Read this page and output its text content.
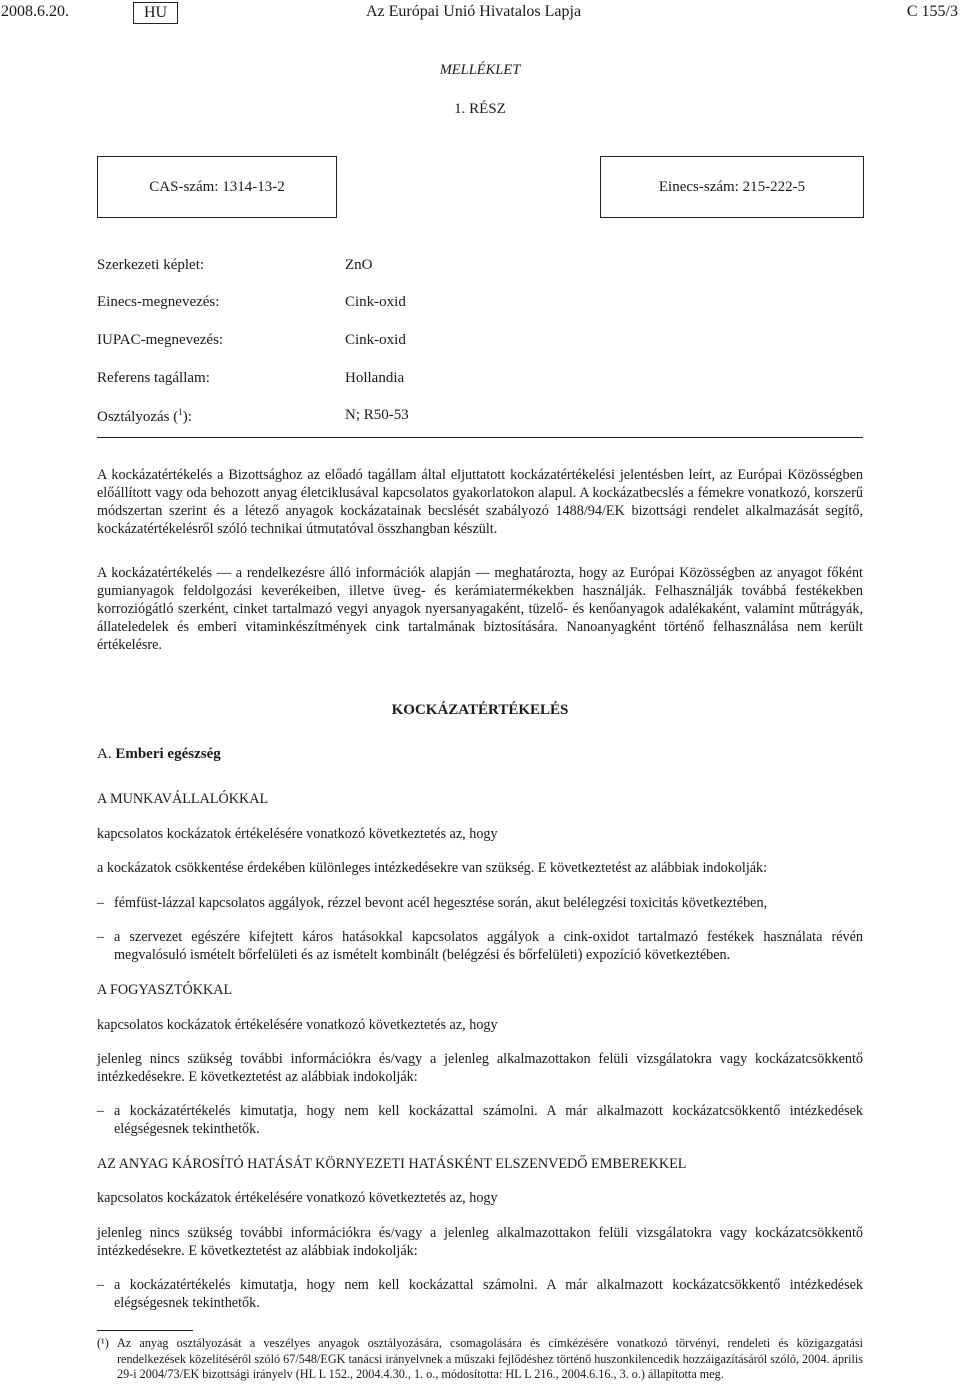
2008.6.20.	HU	Az Európai Unió Hivatalos Lapja	C 155/3
MELLÉKLET
1. RÉSZ
CAS-szám: 1314-13-2	Einecs-szám: 215-222-5
Szerkezeti képlet:	ZnO
Einecs-megnevezés:	Cink-oxid
IUPAC-megnevezés:	Cink-oxid
Referens tagállam:	Hollandia
Osztályozás ($^1$):	N; R50-53
A kockázatértékelés a Bizottsághoz az előadó tagállam által eljuttatott kockázatértékelési jelentésben leírt, az Európai Közösségben előállított vagy oda behozott anyag életciklusával kapcsolatos gyakorlatokon alapul. A kockázatbecslés a fémekre vonatkozó, korszerű módszertan szerint és a létező anyagok kockázatainak becslését szabályozó 1488/94/EK bizottsági rendelet alkalmazását segítő, kockázatértékelésről szóló technikai útmutatóval összhangban készült.
A kockázatértékelés — a rendelkezésre álló információk alapján — meghatározta, hogy az Európai Közösségben az anyagot főként gumianyagok feldolgozási keverékeiben, illetve üveg- és kerámiatermékekben használják. Felhasználják továbbá festékekben korroziógátló szerként, cinket tartalmazó vegyi anyagok nyersanyagaként, tüzelő- és kenőanyagok adalékaként, valamint műtrágyák, állateledelek és emberi vitaminkészítmények cink tartalmának biztosítására. Nanoanyagként történő felhasználása nem került értékelésre.
KOCKÁZATÉRTÉKELÉS
A. Emberi egészség
A MUNKAVÁLLALÓKKAL
kapcsolatos kockázatok értékelésére vonatkozó következtetés az, hogy
a kockázatok csökkentése érdekében különleges intézkedésekre van szükség. E következtetést az alábbiak indokolják:
– fémfüst-lázzal kapcsolatos aggályok, rézzel bevont acél hegesztése során, akut belélegzési toxicitás következtében,
– a szervezet egészére kifejtett káros hatásokkal kapcsolatos aggályok a cink-oxidot tartalmazó festékek használata révén megvalósuló ismételt bőrfelületi és az ismételt kombinált (belégzési és bőrfelületi) expozíció következtében.
A FOGYASZTÓKKAL
kapcsolatos kockázatok értékelésére vonatkozó következtetés az, hogy
jelenleg nincs szükség további információkra és/vagy a jelenleg alkalmazottakon felüli vizsgálatokra vagy kockázatcsökkentő intézkedésekre. E következtetést az alábbiak indokolják:
– a kockázatértékelés kimutatja, hogy nem kell kockázattal számolni. A már alkalmazott kockázatcsökkentő intézkedések elégségesnek tekinthetők.
AZ ANYAG KÁROSÍTÓ HATÁSÁT KÖRNYEZETI HATÁSKÉNT ELSZENVEDŐ EMBEREKKEL
kapcsolatos kockázatok értékelésére vonatkozó következtetés az, hogy
jelenleg nincs szükség további információkra és/vagy a jelenleg alkalmazottakon felüli vizsgálatokra vagy kockázatcsökkentő intézkedésekre. E következtetést az alábbiak indokolják:
– a kockázatértékelés kimutatja, hogy nem kell kockázattal számolni. A már alkalmazott kockázatcsökkentő intézkedések elégségesnek tekinthetők.
(¹) Az anyag osztályozását a veszélyes anyagok osztályozására, csomagolására és címkézésére vonatkozó törvényi, rendeleti és közigazgatási rendelkezések közelítéséről szóló 67/548/EGK tanácsi irányelvnek a műszaki fejlődéshez történő huszonkilencedik hozzáigazításáról szóló, 2004. április 29-i 2004/73/EK bizottsági irányelv (HL L 152., 2004.4.30., 1. o., módosította: HL L 216., 2004.6.16., 3. o.) állapította meg.
